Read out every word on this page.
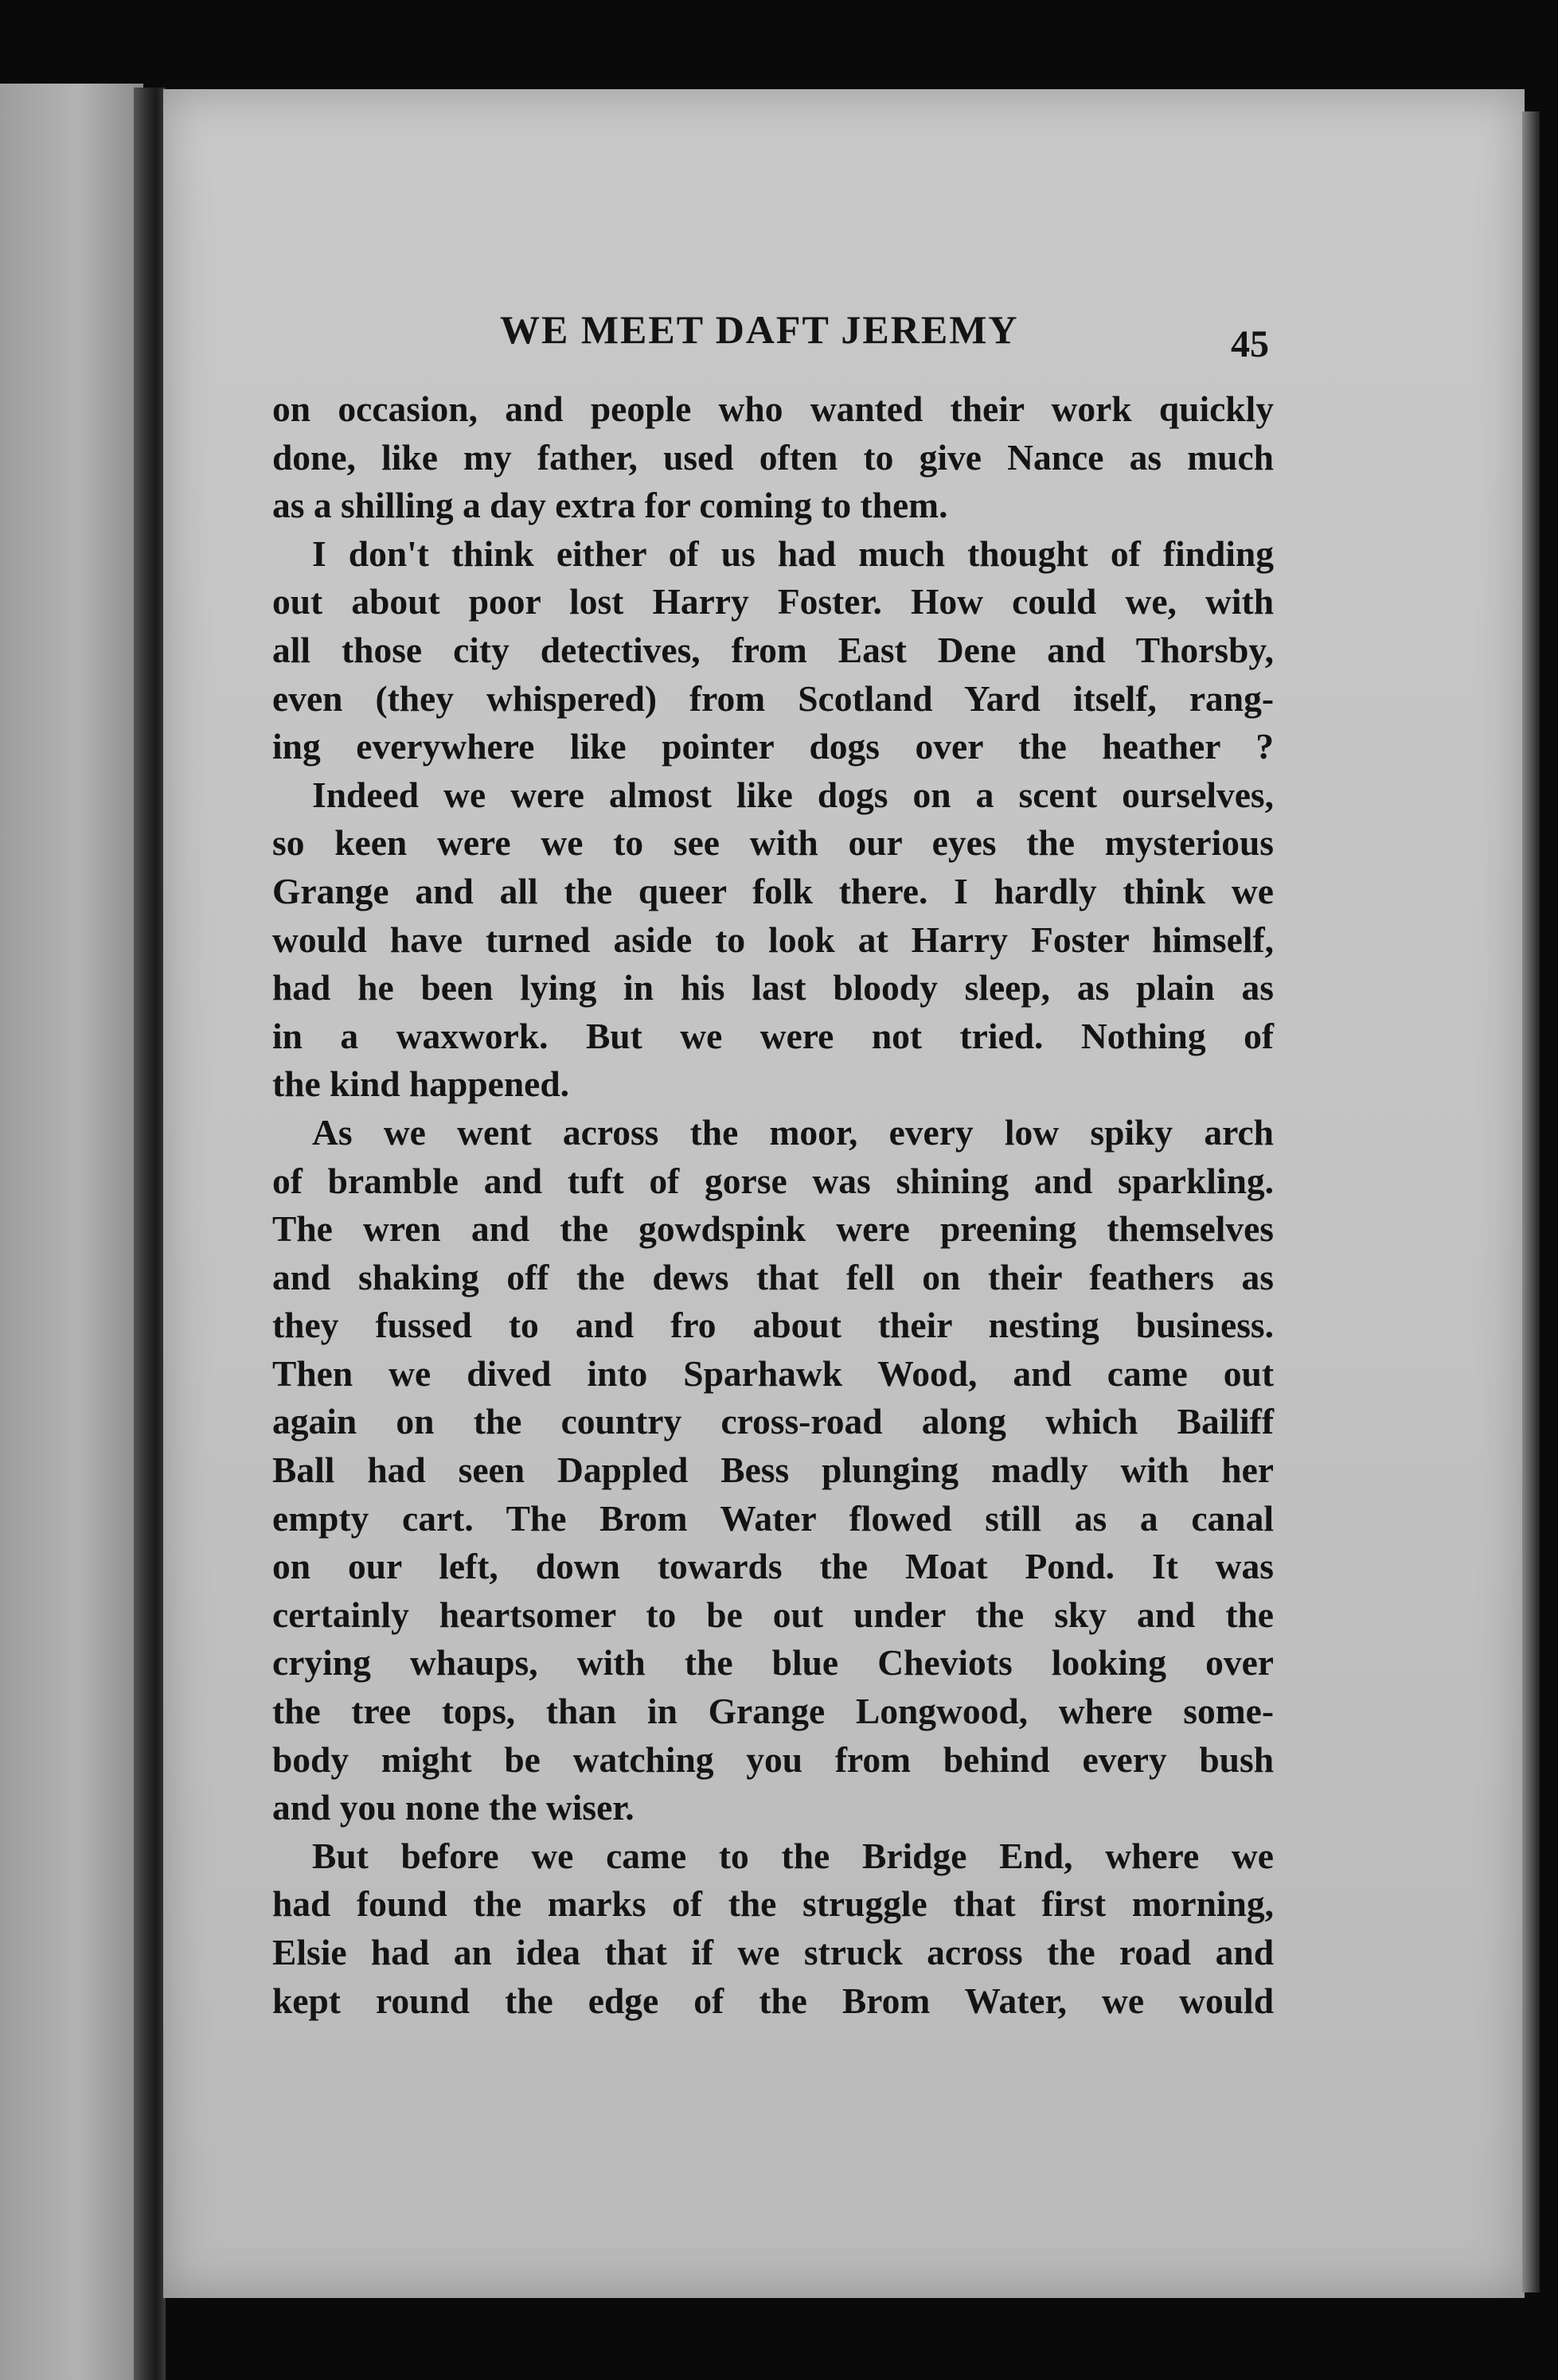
WE MEET DAFT JEREMY	45
on occasion, and people who wanted their work quickly
done, like my father, used often to give Nance as much
as a shilling a day extra for coming to them.
I don't think either of us had much thought of finding
out about poor lost Harry Foster. How could we, with
all those city detectives, from East Dene and Thorsby,
even (they whispered) from Scotland Yard itself, rang-
ing everywhere like pointer dogs over the heather ?
Indeed we were almost like dogs on a scent ourselves,
so keen were we to see with our eyes the mysterious
Grange and all the queer folk there. I hardly think we
would have turned aside to look at Harry Foster himself,
had he been lying in his last bloody sleep, as plain as
in a waxwork. But we were not tried. Nothing of
the kind happened.
As we went across the moor, every low spiky arch
of bramble and tuft of gorse was shining and sparkling.
The wren and the gowdspink were preening themselves
and shaking off the dews that fell on their feathers as
they fussed to and fro about their nesting business.
Then we dived into Sparhawk Wood, and came out
again on the country cross-road along which Bailiff
Ball had seen Dappled Bess plunging madly with her
empty cart. The Brom Water flowed still as a canal
on our left, down towards the Moat Pond. It was
certainly heartsomer to be out under the sky and the
crying whaups, with the blue Cheviots looking over
the tree tops, than in Grange Longwood, where some-
body might be watching you from behind every bush
and you none the wiser.
But before we came to the Bridge End, where we
had found the marks of the struggle that first morning,
Elsie had an idea that if we struck across the road and
kept round the edge of the Brom Water, we would
